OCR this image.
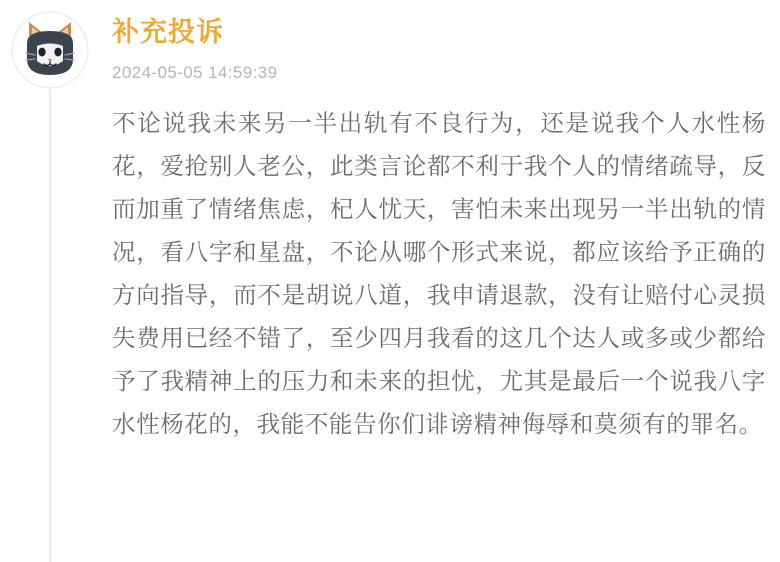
补充投诉
2024-05-05 14:59:39
不论说我未来另一半出轨有不良行为，还是说我个人水性杨花，爱抢别人老公，此类言论都不利于我个人的情绪疏导，反而加重了情绪焦虑，杞人忧天，害怕未来出现另一半出轨的情况，看八字和星盘，不论从哪个形式来说，都应该给予正确的方向指导，而不是胡说八道，我申请退款，没有让赔付心灵损失费用已经不错了，至少四月我看的这几个达人或多或少都给予了我精神上的压力和未来的担忧，尤其是最后一个说我八字水性杨花的，我能不能告你们诽谤精神侮辱和莫须有的罪名。
